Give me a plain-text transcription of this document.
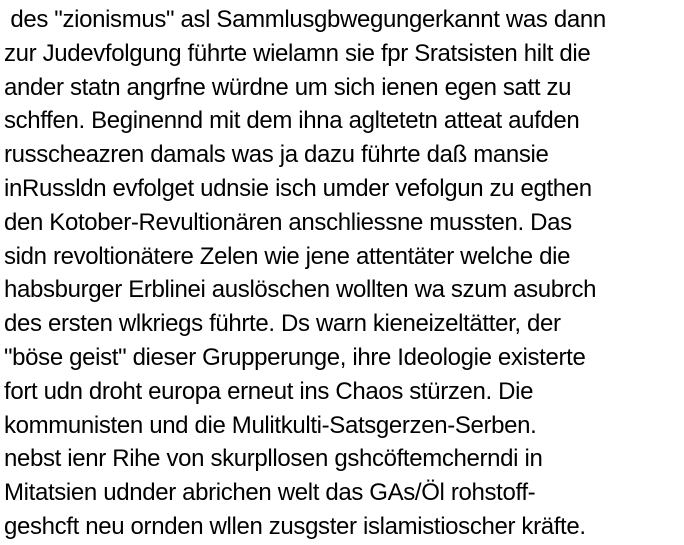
des "zionismus" asl Sammlusgbwegungerkannt was dann
zur Judevfolgung führte wielamn sie fpr Sratsisten hilt die
ander statn angrfne würdne um sich ienen egen satt zu
schffen. Beginennd mit dem ihna agltetetn atteat aufden
russcheazren damals was ja dazu führte daß mansie
inRussldn evfolget udnsie isch umder vefolgun zu egthen
den Kotober-Revultionären anschliessne mussten. Das
sidn revoltionätere Zelen wie jene attentäter welche die
habsburger Erblinei auslöschen wollten wa szum asubrch
des ersten wlkriegs führte. Ds warn kieneizeltätter, der
"böse geist" dieser Grupperunge, ihre Ideologie existerte
fort udn droht europa erneut ins Chaos stürzen. Die
kommunisten und die Mulitkulti-Satsgerzen-Serben.
nebst ienr Rihe von skurpllosen gshcöftemcherndi in
Mitatsien udnder abrichen welt das GAs/Öl rohstoff-
geshcft neu ornden wllen zusgster islamistioscher kräfte.
